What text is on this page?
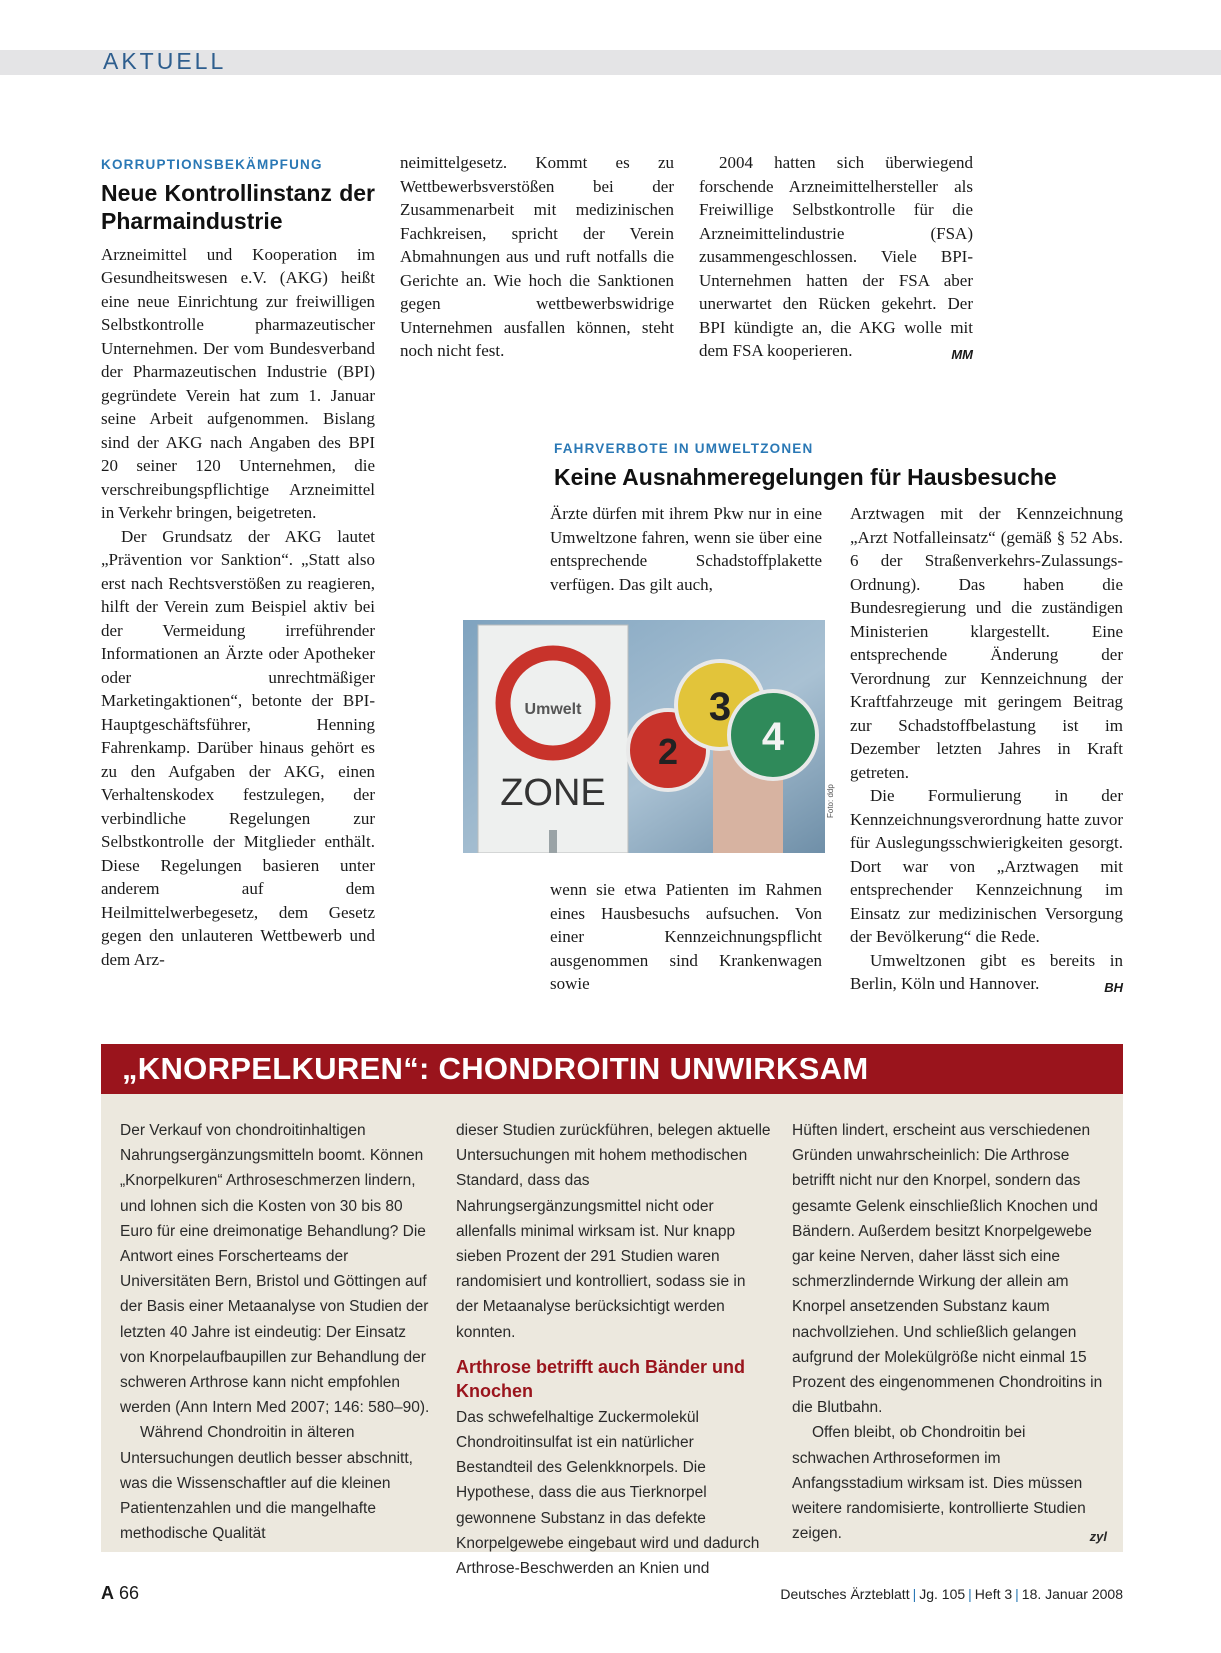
AKTUELL

KORRUPTIONSBEKÄMPFUNG

Neue Kontrollinstanz der Pharmaindustrie

Arzneimittel und Kooperation im Gesundheitswesen e.V. (AKG) heißt eine neue Einrichtung zur freiwilligen Selbstkontrolle pharmazeutischer Unternehmen. Der vom Bundesverband der Pharmazeutischen Industrie (BPI) gegründete Verein hat zum 1. Januar seine Arbeit aufgenommen. Bislang sind der AKG nach Angaben des BPI 20 seiner 120 Unternehmen, die verschreibungspflichtige Arzneimittel in Verkehr bringen, beigetreten.

Der Grundsatz der AKG lautet „Prävention vor Sanktion“. „Statt also erst nach Rechtsverstößen zu reagieren, hilft der Verein zum Beispiel aktiv bei der Vermeidung irreführender Informationen an Ärzte oder Apotheker oder unrechtmäßiger Marketingaktionen“, betonte der BPI-Hauptgeschäftsführer, Henning Fahrenkamp. Darüber hinaus gehört es zu den Aufgaben der AKG, einen Verhaltenskodex festzulegen, der verbindliche Regelungen zur Selbstkontrolle der Mitglieder enthält. Diese Regelungen basieren unter anderem auf dem Heilmittelwerbegesetz, dem Gesetz gegen den unlauteren Wettbewerb und dem Arz-

neimittelgesetz. Kommt es zu Wettbewerbsverstößen bei der Zusammenarbeit mit medizinischen Fachkreisen, spricht der Verein Abmahnungen aus und ruft notfalls die Gerichte an. Wie hoch die Sanktionen gegen wettbewerbswidrige Unternehmen ausfallen können, steht noch nicht fest.

2004 hatten sich überwiegend forschende Arzneimittelhersteller als Freiwillige Selbstkontrolle für die Arzneimittelindustrie (FSA) zusammengeschlossen. Viele BPI-Unternehmen hatten der FSA aber unerwartet den Rücken gekehrt. Der BPI kündigte an, die AKG wolle mit dem FSA kooperieren.	MM

FAHRVERBOTE IN UMWELTZONEN

Keine Ausnahmeregelungen für Hausbesuche

Ärzte dürfen mit ihrem Pkw nur in eine Umweltzone fahren, wenn sie über eine entsprechende Schadstoffplakette verfügen. Das gilt auch,

Umwelt
ZONE
2
3
4
Foto: ddp

wenn sie etwa Patienten im Rahmen eines Hausbesuchs aufsuchen. Von einer Kennzeichnungspflicht ausgenommen sind Krankenwagen sowie

Arztwagen mit der Kennzeichnung „Arzt Notfalleinsatz“ (gemäß § 52 Abs. 6 der Straßenverkehrs-Zulassungs-Ordnung). Das haben die Bundesregierung und die zuständigen Ministerien klargestellt. Eine entsprechende Änderung der Verordnung zur Kennzeichnung der Kraftfahrzeuge mit geringem Beitrag zur Schadstoffbelastung ist im Dezember letzten Jahres in Kraft getreten.

Die Formulierung in der Kennzeichnungsverordnung hatte zuvor für Auslegungsschwierigkeiten gesorgt. Dort war von „Arztwagen mit entsprechender Kennzeichnung im Einsatz zur medizinischen Versorgung der Bevölkerung“ die Rede.

Umweltzonen gibt es bereits in Berlin, Köln und Hannover.	BH
„KNORPELKUREN“: CHONDROITIN UNWIRKSAM

Der Verkauf von chondroitinhaltigen Nahrungsergänzungsmitteln boomt. Können „Knorpelkuren“ Arthroseschmerzen lindern, und lohnen sich die Kosten von 30 bis 80 Euro für eine dreimonatige Behandlung? Die Antwort eines Forscherteams der Universitäten Bern, Bristol und Göttingen auf der Basis einer Metaanalyse von Studien der letzten 40 Jahre ist eindeutig: Der Einsatz von Knorpelaufbaupillen zur Behandlung der schweren Arthrose kann nicht empfohlen werden (Ann Intern Med 2007; 146: 580–90).

Während Chondroitin in älteren Untersuchungen deutlich besser abschnitt, was die Wissenschaftler auf die kleinen Patientenzahlen und die mangelhafte methodische Qualität

dieser Studien zurückführen, belegen aktuelle Untersuchungen mit hohem methodischen Standard, dass das Nahrungsergänzungsmittel nicht oder allenfalls minimal wirksam ist. Nur knapp sieben Prozent der 291 Studien waren randomisiert und kontrolliert, sodass sie in der Metaanalyse berücksichtigt werden konnten.

Arthrose betrifft auch Bänder und Knochen

Das schwefelhaltige Zuckermolekül Chondroitinsulfat ist ein natürlicher Bestandteil des Gelenkknorpels. Die Hypothese, dass die aus Tierknorpel gewonnene Substanz in das defekte Knorpelgewebe eingebaut wird und dadurch Arthrose-Beschwerden an Knien und

Hüften lindert, erscheint aus verschiedenen Gründen unwahrscheinlich: Die Arthrose betrifft nicht nur den Knorpel, sondern das gesamte Gelenk einschließlich Knochen und Bändern. Außerdem besitzt Knorpelgewebe gar keine Nerven, daher lässt sich eine schmerzlindernde Wirkung der allein am Knorpel ansetzenden Substanz kaum nachvollziehen. Und schließlich gelangen aufgrund der Molekülgröße nicht einmal 15 Prozent des eingenommenen Chondroitins in die Blutbahn.

Offen bleibt, ob Chondroitin bei schwachen Arthroseformen im Anfangsstadium wirksam ist. Dies müssen weitere randomisierte, kontrollierte Studien zeigen.	zyl
A 66	Deutsches Ärzteblatt | Jg. 105 | Heft 3 | 18. Januar 2008
